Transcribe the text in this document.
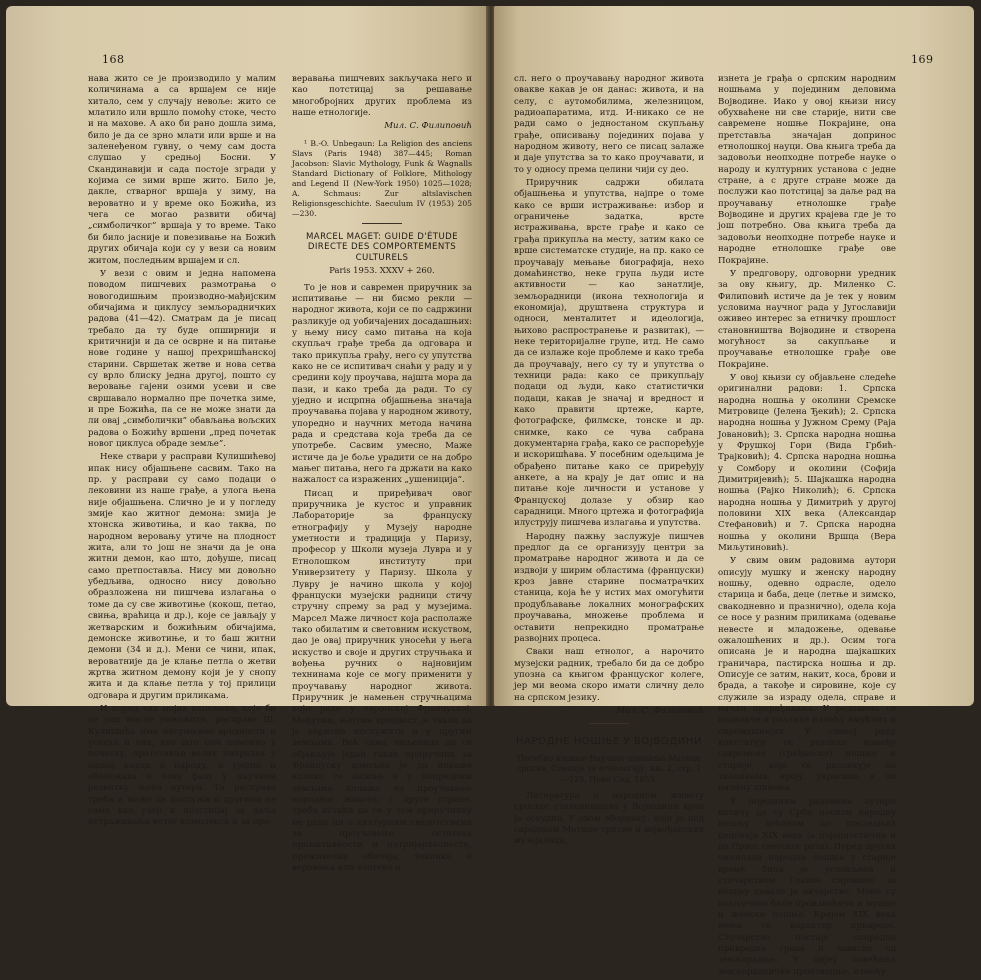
168

нава жито се је производило у малим количинама а са вршајем се није хитало, сем у случају невоље: жито се млатило или вршло помоћу стоке, често и на махове. А ако би рано дошла зима, било је да се зрно млати или врше и на заленеђеном гувну, о чему сам доста слушао у средњој Босни. У Скандинавији и сада постоје згради у којима се зими врше жито. Било је, дакле, стварног вршаја у зиму, на вероватно и у време око Божића, из чега се могао развити обичај „симболичког” вршаја у то време. Тако би било јасније и повезивање на Божић других обичаја који су у вези са новим житом, последњим вршајем и сл.

У вези с овим и једна напомена поводом пишчевих размотрања о новогодишњим производно-мађијским обичајима и циклусу земљорадничких радова (41—42). Сматрам да је писац требало да ту буде опширнији и критичнији и да се осврне и на питање нове године у нашој прехришћанској старини. Свршетак жетве и нова сетва су врло блиску једна другој, пошто су веровање гајени озими усеви и све свршавало нормално пре почетка зиме, и пре Божића, па се не може знати да ли овај „симболички” обављања вољских радова о Божићу вршени „пред почетак новог циклуса обраде земље”.

Неке ствари у расправи Кулишићевој ипак нису објашњене сасвим. Тако на пр. у расправи су само подаци о лековини из наше грађе, а улога њена није објашњена. Слично је и у погледу змије као житног демона: змија је хтонска животиња, и као таква, по народном веровању утиче на плодност жита, али то још не значи да је она житни демон, као што, дођуше, писац само претпоставља. Нису ми довољно убедљива, односно нису довољно образложена ни пишчева излагања о томе да су све животиње (кокош, петао, свиња, враћица и др.), које се јављају у жетварским и божићњим обичајима, демонске животиње, и то баш житни демони (34 и д.). Мени се чини, ипак, вероватније да је клање петла о жетви жртва житном демону који је у снопу жита и да клање петла у тој прилици одговара и другим приликама.

И поред тих мојих напомена, које би се још могле умножити, расправе Ш. Кулишића има несумњиве вредности и успеха и она, као што сам поменуо у почетку, претставља велик напредак у нашој науци о народу, а уједно и обележава и нову фазу у научном развитку њена аутора. Та расправа треба и може да послужи и другима не само као узор и потстицај за даља истраживања истог комплекса и за про-

веравања пишчевих закључака него и као потстицај за решавање многобројних других проблема из наше етнологије.

Мил. С. Филиповић

¹ B.-O. Unbegaun: La Religion des anciens Slavs (Paris 1948) 387—445; Roman Jacobson: Slavic Mythology, Funk & Wagnalls Standard Dictionary of Folklore, Mithology and Legend II (New-York 1950) 1025—1028; A. Schmaus: Zur altslavischen Religionsgeschichte. Saeculum IV (1953) 205—230.

MARCEL MAGET: GUIDE D'ÉTUDE DIRECTE DES COMPORTEMENTS CULTURELS
Paris 1953. XXXV + 260.

То је нов и савремен приручник за испитивање — ни бисмо рекли — народног живота, који се по садржини разликује од уобичајених досадашњих: у њему нису само питања на која скупљач грађе треба да одговара и тако прикупља грађу, него су упутства како не се испитивач снаћи у раду и у средини коју проучава, најшта мора да пази, и како треба да ради. То су уједно и исцрпна објашњења значаја проучавања појава у народном животу, упоредно и научних метода начина рада и средстава која треба да се употребе. Сасвим умесно, Маже истиче да је боље урадити се на добро мањег питања, него га држати на како нажалост са изражених „ушениција”.

Писац и приређивач овог приручника је кустос и управник Лабораторије за француску етнографију у Музеју народне уметности и традиција у Паризу, професор у Школи музеја Лувра и у Етнолошком институту при Универзитету у Паризу. Школа у Лувру је начино школа у којој француски музејски радници стичу стручну спрему за рад у музејима. Марсел Маже личност која располаже тако обилатим и световним искуством, дао је овај приручник уносећи у њега искуство и своје и других стручњака и вођења ручних о најновијим технинама које се могу применити у проучавању народног живота. Приручник је намењен стручњацима који раде у европској Француској. Међутим, његова вредност је таква да је корисно послужити и у другим земљама. Већ сама чињеница да се објављује један такав приручник за Француску довољна је да покаже колико се пажње и у напредним земљама полаже на проучавање народног живота; с друге стране, треба истаћи да се у том приручнику не ради ни о културним сведотствима за проучавање остатака примитивности и патријархалности, преживелих обичаја, техника и веровања или езотеке и

169

сл. него о проучавању народног живота овакве какав је он данас: живота, и на селу, с аутомобилима, железницом, радиоапаратима, итд. И-никако се не ради само о једностаном скупљању грађе, описивању појединих појава у народном животу, него се писац залаже и даје упутства за то како проучавати, и то у односу према целини чији су део.

Приручник садржи обилата објашњења и упутства, најпре о томе како се врши истраживање: избор и ограничење задатка, врсте истраживања, врсте грађе и како се грађа прикупља на месту, затим како се врше систематске студије, на пр. како се проучавају мењање биографија, нехо домаћинство, неке група људи исте активности — као занатлије, земљорадници (икона технологија и економија), друштвена структура и односи, менталитет и идеологија, њихово распространење и развитак), — неке територијалне групе, итд. Не само да се излаже које проблеме и како треба да проучавају, него су ту и упутства о техници рада: како се прикупљају подаци од људи, како статистички подаци, какав је значај и вредност и како правити цртеже, карте, фотографске, филмске, тонске и др. снимке, како се чува сабрана документарна грађа, како се распоређује и искоришћава. У посебним одељцима је обрађено питање како се приређују анкете, а на крају је дат опис и на питање које личности и установе у Француској долазе у обзир као сарадници. Много цртежа и фотографија илуструју пишчева излагања и упутства.

Народну пажњу заслужује пишчев предлог да се организују центри за проматрање народног живота и да се издвоји у ширим областима (француски) кроз јавне старине посматрачких станица, која ће у истих мах омогућити продубљавање локалних монографских проучавања, множење проблема и оставити непрекидно проматрање развојних процеса.

Сваки наш етнолог, а нарочито музејски радник, требало би да се добро упозна са књигом француског колеге, јер ми веома скоро имати сличну дело на српском језику.

Мил. С. Филиповић
НАРОДНЕ НОШЊЕ У ВОЈВОДИНИ
Посебно издање Научног одељења Матице српске, Секције за етнологију, књ. 2, стр. 1—125, Нови Сад, 1953.

Литература о народном животу српског становништва у Војводини врло је оскудна. У овом зборнику, који је под сарадњом Матице српске и војвођанских музејалаца,

изнета је грађа о српским народним ношњама у појединим деловима Војводине. Иако у овој књизи нису обухваћене ни све старије, нити све савремене ношње Покрајине, она претставља значајан допринос етнолошкој науци. Ова књига треба да задовољи неопходне потребе науке о народу и културних установа с једне стране, а с друге стране може да послужи као потстицај за даље рад на проучавању етнолошке грађе Војводине и других крајева где је то још потребно. Ова књига треба да задовољи неопходне потребе науке и народне етнолошке грађе ове Покрајине.

У предговору, одговорни уредник за ову књигу, др. Миленко С. Филиповић истиче да је тек у новим условима научног рада у Југославији оживео интерес за етничку прошлост становништва Војводине и створена могућност за сакупљање и проучавање етнолошке грађе ове Покрајине.

У овој књизи су објављене следеће оригинални радови: 1. Српска народна ношња у околини Сремске Митровице (Јелена Ђекић); 2. Српска народна ношња у Јужном Срему (Раја Јовановић); 3. Српска народна ношња у Фрушкој Гори (Вида Грбић-Трајковић); 4. Српска народна ношња у Сомбору и околини (Софија Димитријевић); 5. Шајкашка народна ношња (Рајко Николић); 6. Српска народна ношња у Димитрић у другој половини XIX века (Александар Стефановић) и 7. Српска народна ношња у околини Вршца (Вера Миљутиновић).

У свим овим радовима аутори описују мушку и женску народну ношњу, одевно одрасле, одело старица и баба, деце (летње и зимско, свакодневно и празнично), одела која се носе у разним приликама (одевање невесте и младожење, одевање ожалошћених и др.). Осим тога описана је и народна шајкашких граничара, пастирска ношња и др. Описује се затим, накит, коса, брови и брада, а такође и сировине, које су служиле за израду одела, справе и начин прерађивања. У радовима се подвлаче и разлике између имућних и сиромашнијих. У свакој раду констатују се разлике између савремене (грађанске) ношње и старије, која се разликује по тканинама, кроју, украсима и по начину шивења.

У појединим радовима аутори истичу да су Срби носили народну ношњу већином до последњих деценија XIX века (а поједностично и до Првог светског рата). Поред других чинилаца народна ношња у старије време била је условљена и сточарством. Главне сировине за ношњу давале је овчарство. Мене су искључиво биле произвођачи и мушке и женске ношње. Крајем XIX века мења се карактер привреде. Сточарство постаје споредна привредна грана и зависно од земљорадње. У цијеу повећања земљорадничке производње, између
